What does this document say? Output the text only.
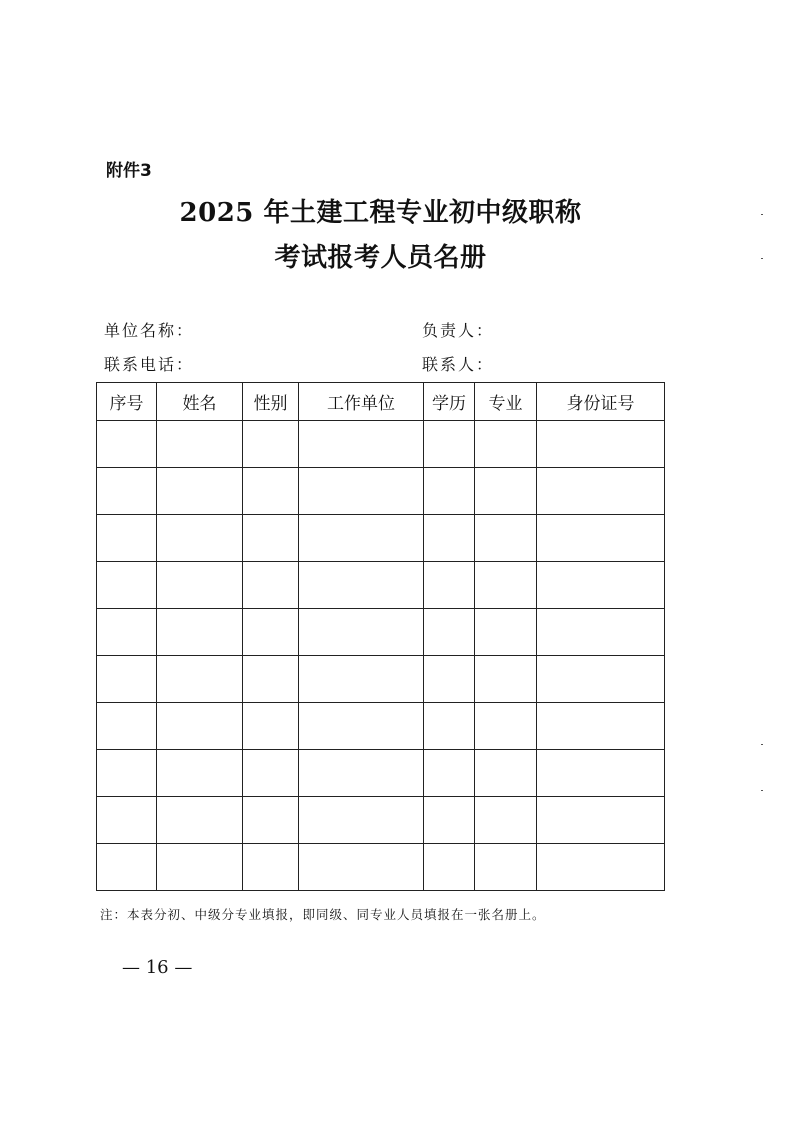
附件3
2025 年土建工程专业初中级职称
考试报考人员名册
单位名称：	负责人：
联系电话：	联系人：
序号	姓名	性别	工作单位	学历	专业	身份证号

注：本表分初、中级分专业填报，即同级、同专业人员填报在一张名册上。
— 16 —
